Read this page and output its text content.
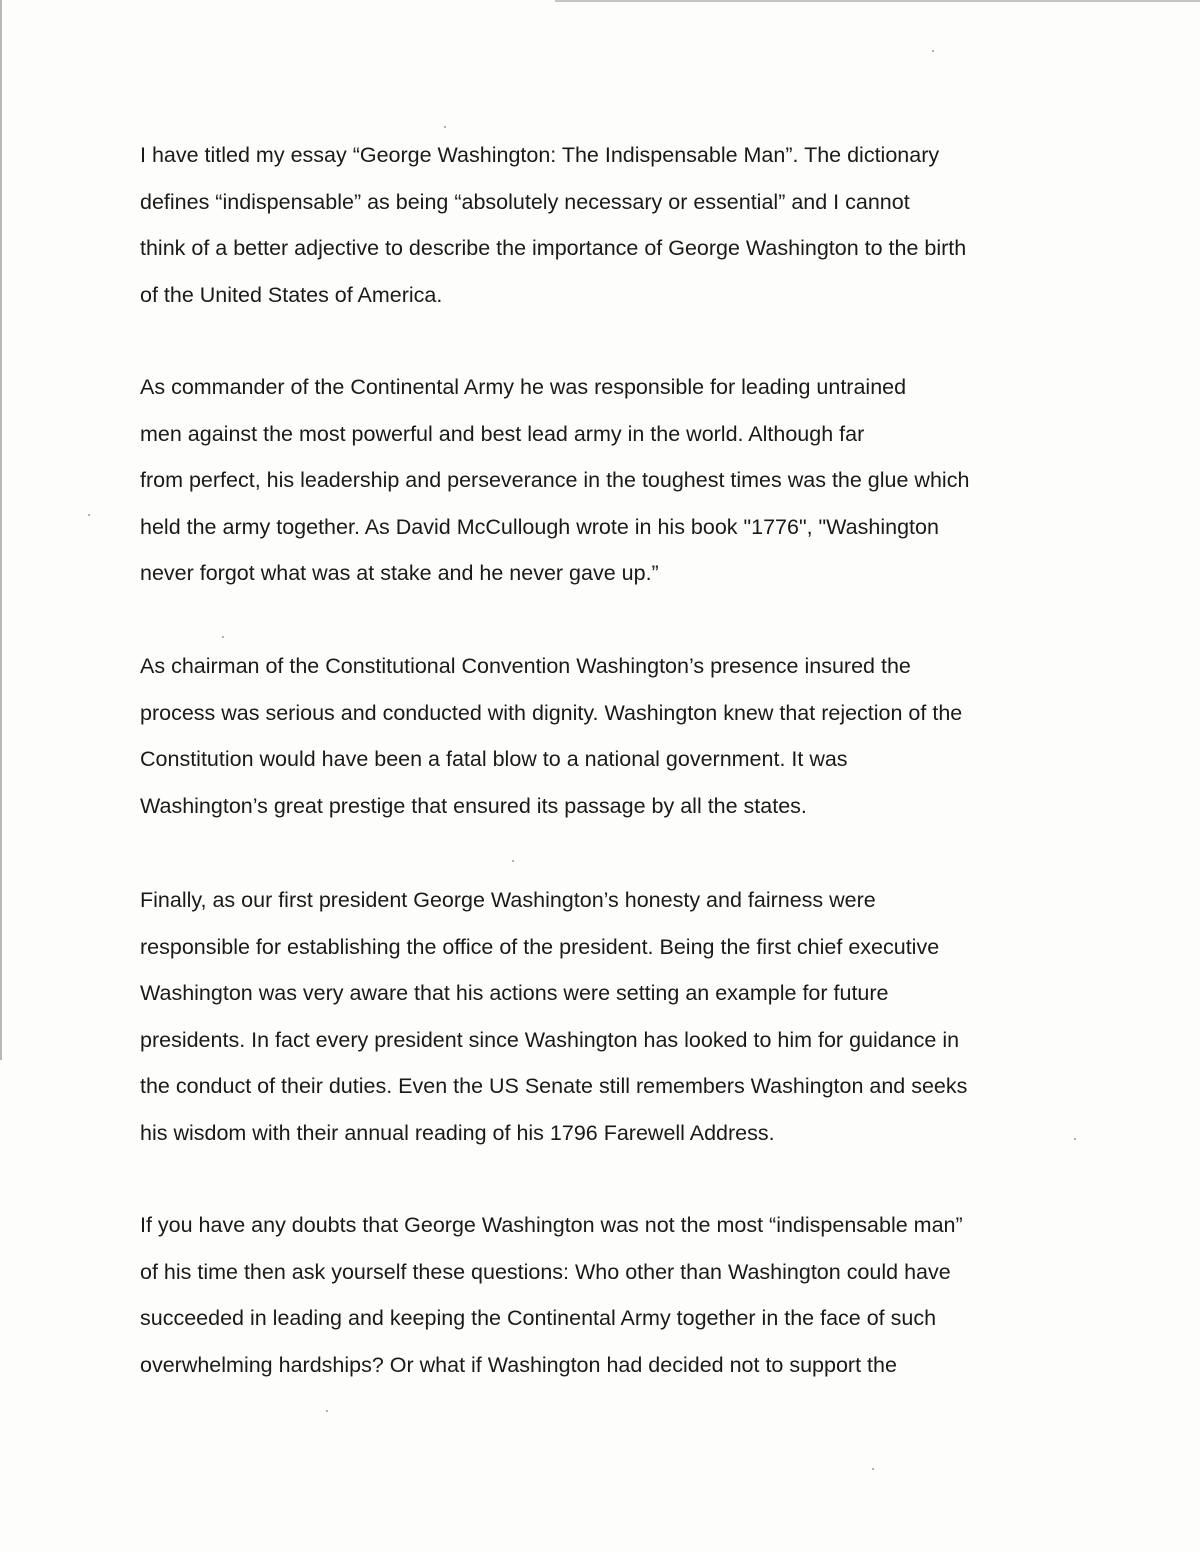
I have titled my essay “George Washington: The Indispensable Man”. The dictionary
defines “indispensable” as being “absolutely necessary or essential” and I cannot
think of a better adjective to describe the importance of George Washington to the birth
of the United States of America.

As commander of the Continental Army he was responsible for leading untrained
men against the most powerful and best lead army in the world. Although far
from perfect, his leadership and perseverance in the toughest times was the glue which
held the army together. As David McCullough wrote in his book "1776", "Washington
never forgot what was at stake and he never gave up.”

As chairman of the Constitutional Convention Washington’s presence insured the
process was serious and conducted with dignity. Washington knew that rejection of the
Constitution would have been a fatal blow to a national government. It was
Washington’s great prestige that ensured its passage by all the states.

Finally, as our first president George Washington’s honesty and fairness were
responsible for establishing the office of the president. Being the first chief executive
Washington was very aware that his actions were setting an example for future
presidents. In fact every president since Washington has looked to him for guidance in
the conduct of their duties. Even the US Senate still remembers Washington and seeks
his wisdom with their annual reading of his 1796 Farewell Address.

If you have any doubts that George Washington was not the most “indispensable man”
of his time then ask yourself these questions: Who other than Washington could have
succeeded in leading and keeping the Continental Army together in the face of such
overwhelming hardships? Or what if Washington had decided not to support the
